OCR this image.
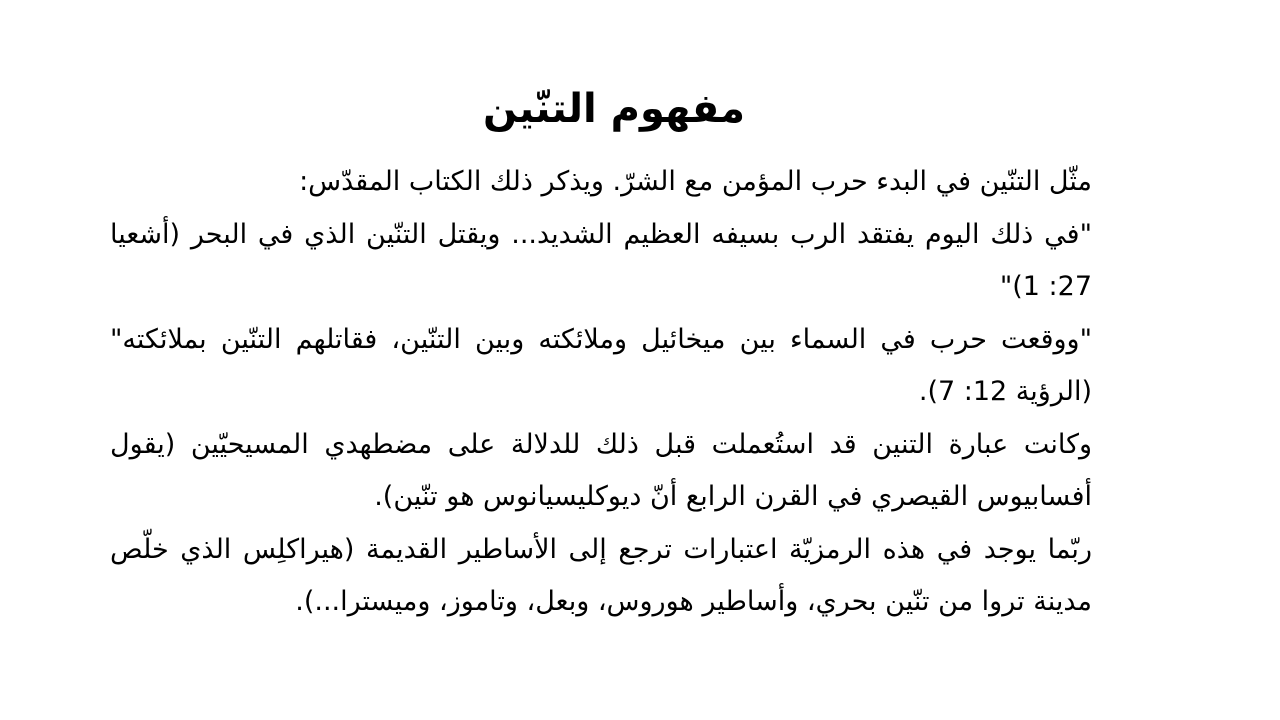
مفهوم التنّين

مثّل التنّين في البدء حرب المؤمن مع الشرّ. ويذكر ذلك الكتاب المقدّس:

"في ذلك اليوم يفتقد الرب بسيفه العظيم الشديد... ويقتل التنّين الذي في البحر (أشعيا 27: 1)"

"ووقعت حرب في السماء بين ميخائيل وملائكته وبين التنّين، فقاتلهم التنّين بملائكته" (الرؤية 12: 7).

وكانت عبارة التنين قد استُعملت قبل ذلك للدلالة على مضطهدي المسيحيّين (يقول أفسابيوس القيصري في القرن الرابع أنّ ديوكليسيانوس هو تنّين).

ربّما يوجد في هذه الرمزيّة اعتبارات ترجع إلى الأساطير القديمة (هيراكلِس الذي خلّص مدينة تروا من تنّين بحري، وأساطير هوروس، وبعل، وتاموز، وميسترا...).
